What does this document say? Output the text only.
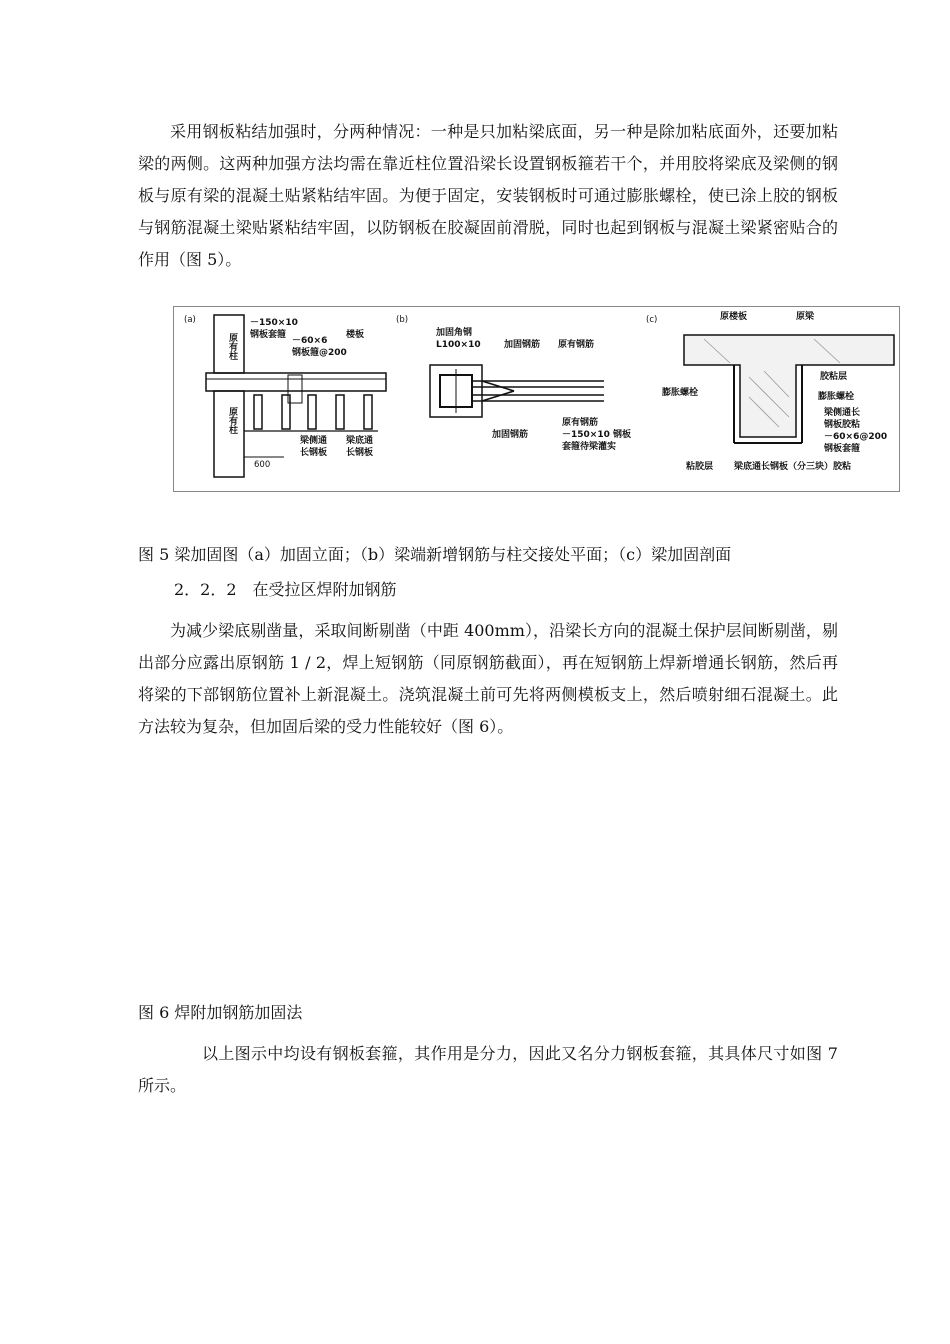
采用钢板粘结加强时，分两种情况：一种是只加粘梁底面，另一种是除加粘底面外，还要加粘梁的两侧。这两种加强方法均需在靠近柱位置沿梁长设置钢板箍若干个，并用胶将梁底及梁侧的钢板与原有梁的混凝土贴紧粘结牢固。为便于固定，安装钢板时可通过膨胀螺栓，使已涂上胶的钢板与钢筋混凝土梁贴紧粘结牢固，以防钢板在胶凝固前滑脱，同时也起到钢板与混凝土梁紧密贴合的作用（图 5）。

(a)
原有柱
原有柱
600
－150×10
钢板套箍
－60×6
钢板箍@200
楼板
梁侧通
长钢板
梁底通
长钢板
(b)
加固角钢
L100×10	加固钢筋 原有钢筋
原有钢筋
－150×10 钢板
套箍待梁灌实
加固钢筋
(c)	原楼板	原梁
胶粘层
膨胀螺栓	膨胀螺栓
梁侧通长
钢板胶粘
－60×6@200
钢板套箍
粘胶层 梁底通长钢板（分三块）胶粘
图 5 梁加固图（a）加固立面；（b）梁端新增钢筋与柱交接处平面；（c）梁加固剖面
2．2．2　在受拉区焊附加钢筋

为减少梁底剔凿量，采取间断剔凿（中距 400mm），沿梁长方向的混凝土保护层间断剔凿，剔出部分应露出原钢筋 1 / 2，焊上短钢筋（同原钢筋截面），再在短钢筋上焊新增通长钢筋，然后再将梁的下部钢筋位置补上新混凝土。浇筑混凝土前可先将两侧模板支上，然后喷射细石混凝土。此方法较为复杂，但加固后梁的受力性能较好（图 6）。

图 6 焊附加钢筋加固法

以上图示中均设有钢板套箍，其作用是分力，因此又名分力钢板套箍，其具体尺寸如图 7 所示。
